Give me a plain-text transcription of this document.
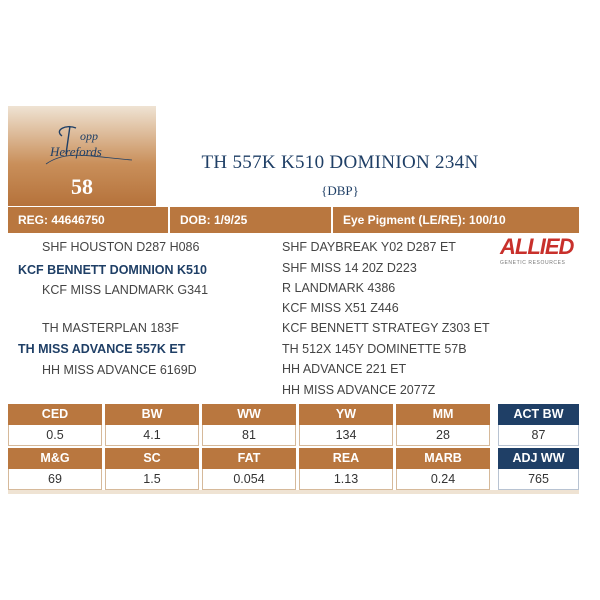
opp
Herefords
58
TH 557K K510 DOMINION 234N
{DBP}
REG: 44646750	DOB: 1/9/25	Eye Pigment (LE/RE): 100/10
SHF HOUSTON D287 H086
KCF BENNETT DOMINION K510
KCF MISS LANDMARK G341
TH MASTERPLAN 183F
TH MISS ADVANCE 557K ET
HH MISS ADVANCE 6169D
SHF DAYBREAK Y02 D287 ET
SHF MISS 14 20Z D223
R LANDMARK 4386
KCF MISS X51 Z446
KCF BENNETT STRATEGY Z303 ET
TH 512X 145Y DOMINETTE 57B
HH ADVANCE 221 ET
HH MISS ADVANCE 2077Z
ALLIED
GENETIC RESOURCES
CED	BW	WW	YW	MM
0.5	4.1	81	134	28
M&G	SC	FAT	REA	MARB
69	1.5	0.054	1.13	0.24
ACT BW
87
ADJ WW
765
